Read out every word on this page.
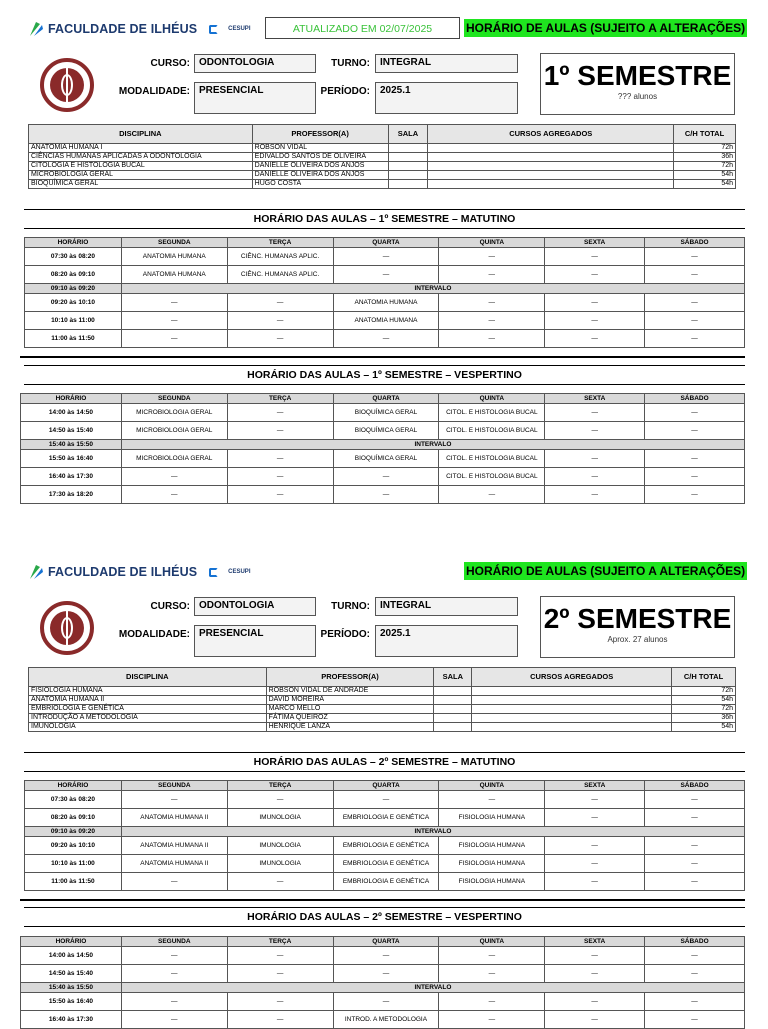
FACULDADE DE ILHÉUS	CESUPI	ATUALIZADO EM 02/07/2025	HORÁRIO DE AULAS (SUJEITO A ALTERAÇÕES)
CURSO: ODONTOLOGIA	TURNO:	INTEGRAL
MODALIDADE: PRESENCIAL	PERÍODO:	2025.1	1º SEMESTRE
??? alunos
DISCIPLINA	PROFESSOR(A)	SALA	CURSOS AGREGADOS	C/H TOTAL
ANATOMIA HUMANA I	ROBSON VIDAL			72h
CIÊNCIAS HUMANAS APLICADAS A ODONTOLOGIA	EDIVALDO SANTOS DE OLIVEIRA			36h
CITOLOGIA E HISTOLOGIA BUCAL	DANIELLE OLIVEIRA DOS ANJOS			72h
MICROBIOLOGIA GERAL	DANIELLE OLIVEIRA DOS ANJOS			54h
BIOQUÍMICA GERAL	HUGO COSTA			54h
HORÁRIO DAS AULAS – 1º SEMESTRE – MATUTINO
HORÁRIO	SEGUNDA	TERÇA	QUARTA	QUINTA	SEXTA	SÁBADO
07:30 às 08:20	ANATOMIA HUMANA	CIÊNC. HUMANAS APLIC.	—	—	—	—
08:20 às 09:10	ANATOMIA HUMANA	CIÊNC. HUMANAS APLIC.	—	—	—	—
09:10 às 09:20	INTERVALO					
09:20 às 10:10	—	—	ANATOMIA HUMANA	—	—	—
10:10 às 11:00	—	—	ANATOMIA HUMANA	—	—	—
11:00 às 11:50	—	—	—	—	—	—
HORÁRIO DAS AULAS – 1º SEMESTRE – VESPERTINO
HORÁRIO	SEGUNDA	TERÇA	QUARTA	QUINTA	SEXTA	SÁBADO
14:00 às 14:50	MICROBIOLOGIA GERAL	—	BIOQUÍMICA GERAL	CITOL. E HISTOLOGIA BUCAL	—	—
14:50 às 15:40	MICROBIOLOGIA GERAL	—	BIOQUÍMICA GERAL	CITOL. E HISTOLOGIA BUCAL	—	—
15:40 às 15:50	INTERVALO					
15:50 às 16:40	MICROBIOLOGIA GERAL	—	BIOQUÍMICA GERAL	CITOL. E HISTOLOGIA BUCAL	—	—
16:40 às 17:30	—	—	—	CITOL. E HISTOLOGIA BUCAL	—	—
17:30 às 18:20	—	—	—	—	—	—
FACULDADE DE ILHÉUS	CESUPI	HORÁRIO DE AULAS (SUJEITO A ALTERAÇÕES)
CURSO: ODONTOLOGIA	TURNO:	INTEGRAL
MODALIDADE: PRESENCIAL	PERÍODO:	2025.1	2º SEMESTRE
Aprox. 27 alunos
DISCIPLINA	PROFESSOR(A)	SALA	CURSOS AGREGADOS	C/H TOTAL
FISIOLOGIA HUMANA	ROBSON VIDAL DE ANDRADE			72h
ANATOMIA HUMANA II	DAVID MOREIRA			54h
EMBRIOLOGIA E GENÉTICA	MARCO MELLO			72h
INTRODUÇÃO A METODOLOGIA	FÁTIMA QUEIROZ			36h
IMUNOLOGIA	HENRIQUE LANZA			54h
HORÁRIO DAS AULAS – 2º SEMESTRE – MATUTINO
HORÁRIO	SEGUNDA	TERÇA	QUARTA	QUINTA	SEXTA	SÁBADO
07:30 às 08:20	—	—	—	—	—	—
08:20 às 09:10	ANATOMIA HUMANA II	IMUNOLOGIA	EMBRIOLOGIA E GENÉTICA	FISIOLOGIA HUMANA	—	—
09:10 às 09:20	INTERVALO					
09:20 às 10:10	ANATOMIA HUMANA II	IMUNOLOGIA	EMBRIOLOGIA E GENÉTICA	FISIOLOGIA HUMANA	—	—
10:10 às 11:00	ANATOMIA HUMANA II	IMUNOLOGIA	EMBRIOLOGIA E GENÉTICA	FISIOLOGIA HUMANA	—	—
11:00 às 11:50	—	—	EMBRIOLOGIA E GENÉTICA	FISIOLOGIA HUMANA	—	—
HORÁRIO DAS AULAS – 2º SEMESTRE – VESPERTINO
HORÁRIO	SEGUNDA	TERÇA	QUARTA	QUINTA	SEXTA	SÁBADO
14:00 às 14:50	—	—	—	—	—	—
14:50 às 15:40	—	—	—	—	—	—
15:40 às 15:50	INTERVALO					
15:50 às 16:40	—	—	—	—	—	—
16:40 às 17:30	—	—	INTROD. A METODOLOGIA	—	—	—
